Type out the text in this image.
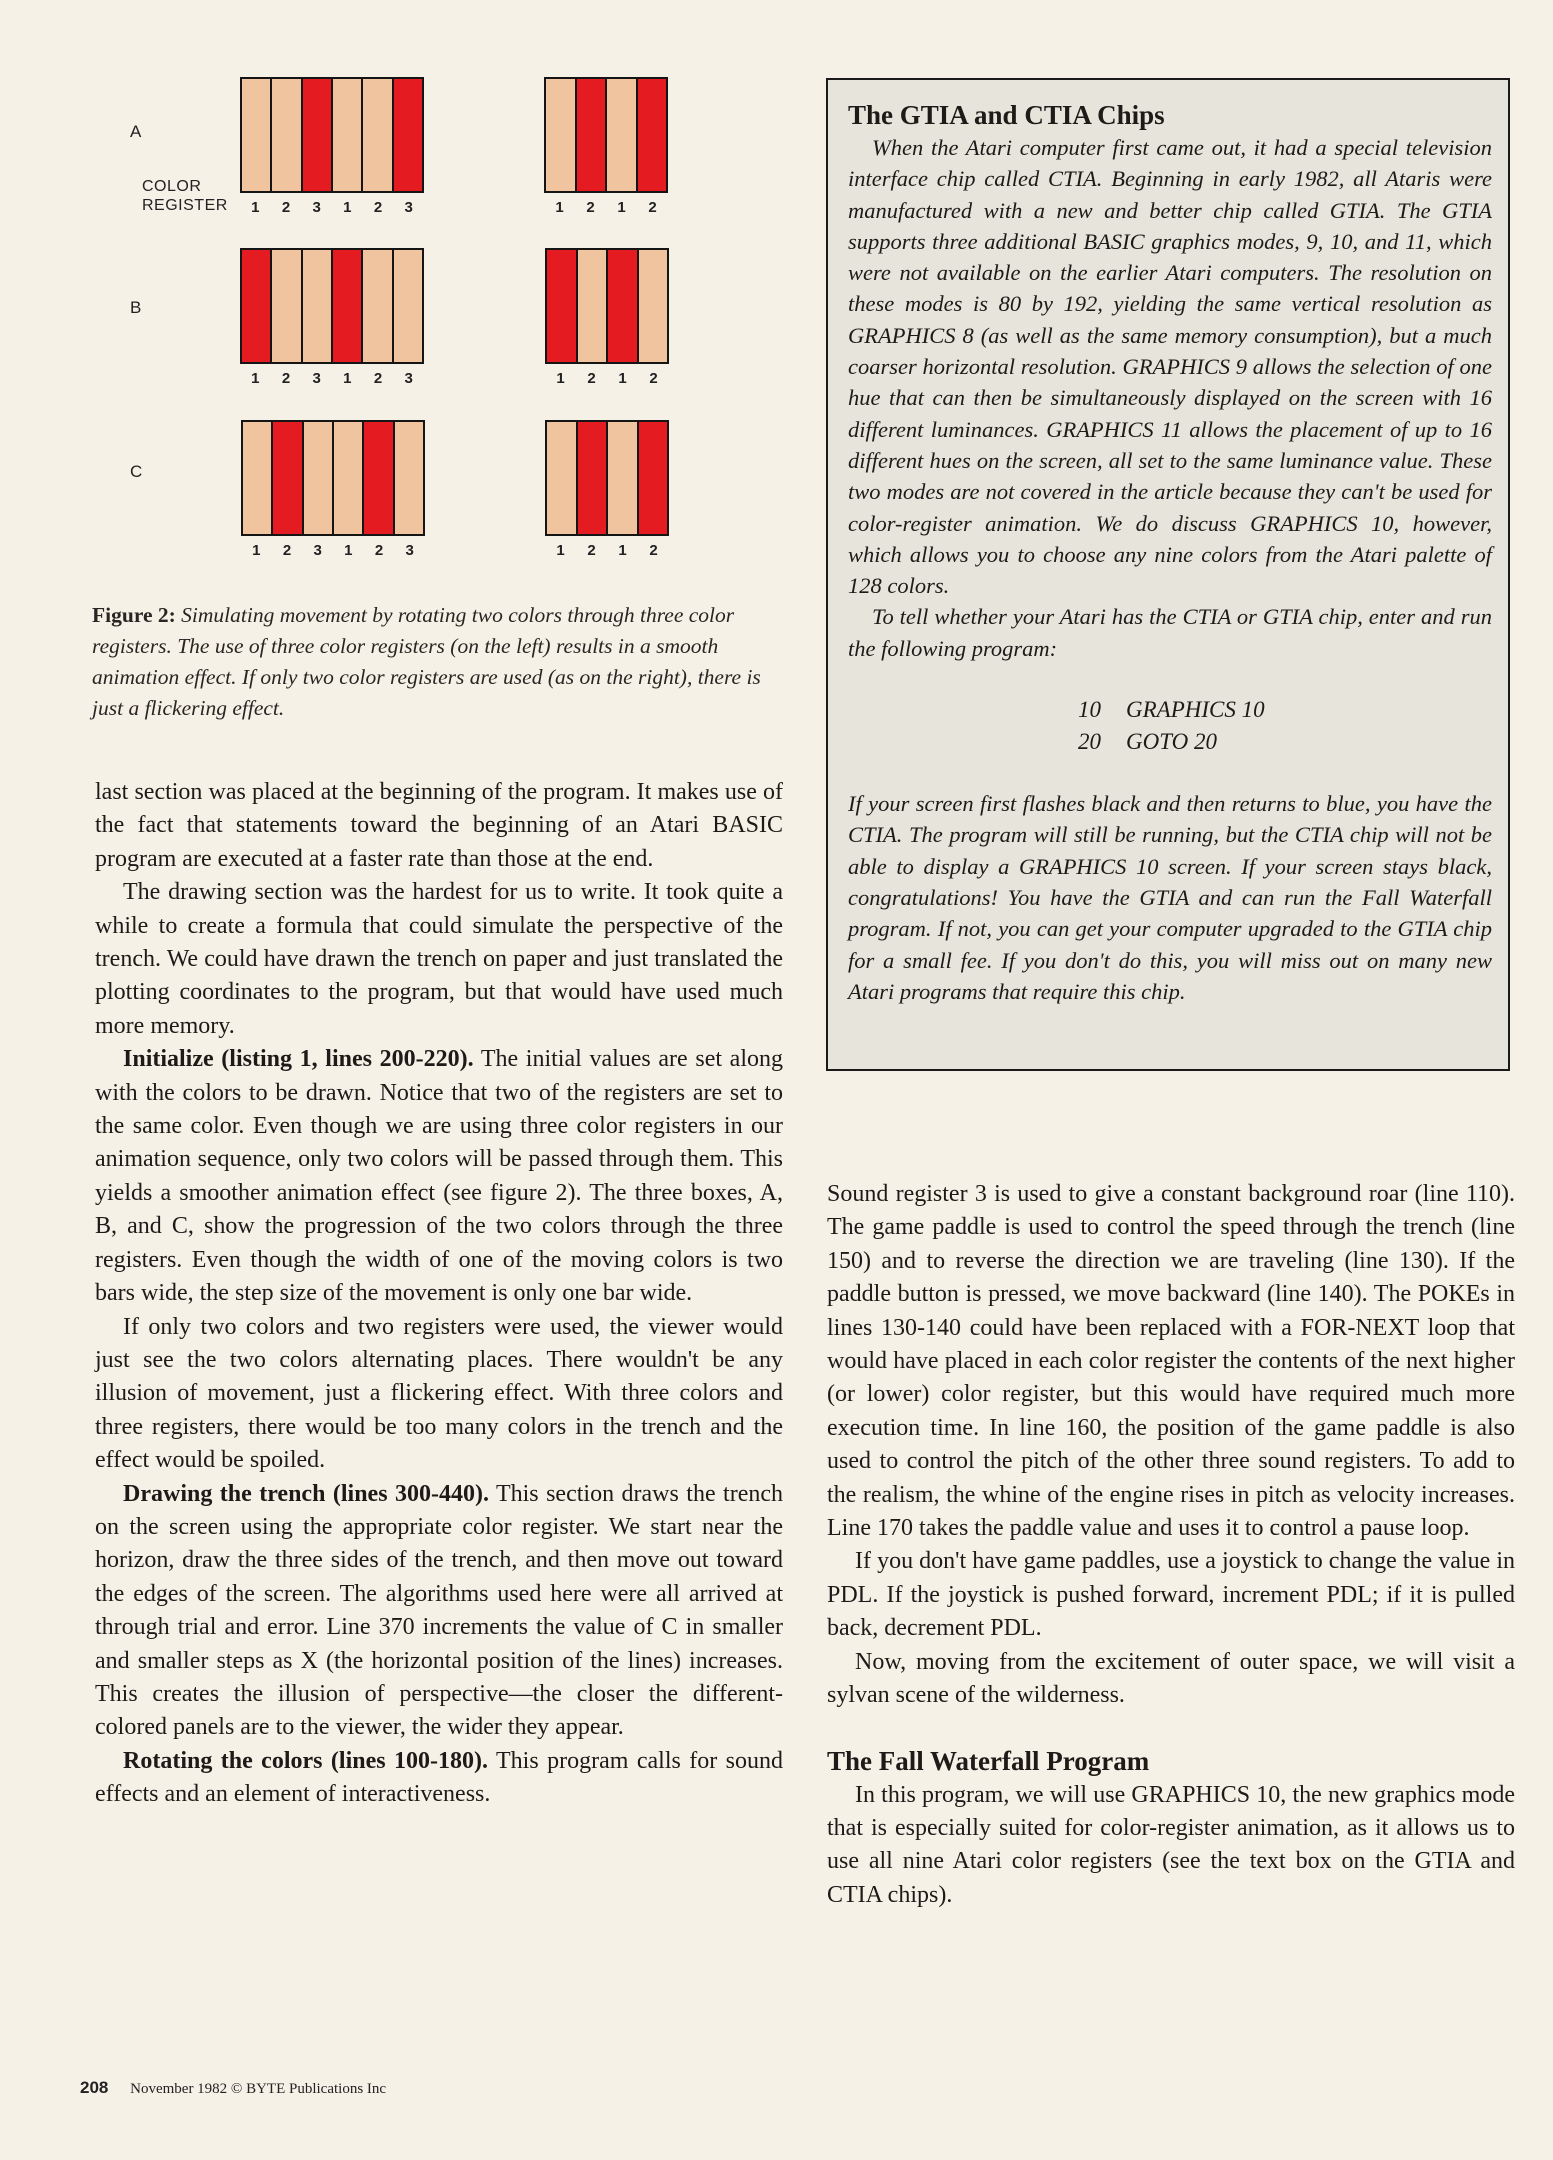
A
COLOR
REGISTER
B
C
1	2	3	1	2	3
1	2	3	1	2	3
1	2	3	1	2	3
1	2	1	2
1	2	1	2
1	2	1	2
Figure 2: Simulating movement by rotating two colors through three color registers. The use of three color registers (on the left) results in a smooth animation effect. If only two color registers are used (as on the right), there is just a flickering effect.

last section was placed at the beginning of the program. It makes use of the fact that statements toward the beginning of an Atari BASIC program are executed at a faster rate than those at the end.

The drawing section was the hardest for us to write. It took quite a while to create a formula that could simulate the perspective of the trench. We could have drawn the trench on paper and just translated the plotting coordinates to the program, but that would have used much more memory.

Initialize (listing 1, lines 200-220). The initial values are set along with the colors to be drawn. Notice that two of the registers are set to the same color. Even though we are using three color registers in our animation sequence, only two colors will be passed through them. This yields a smoother animation effect (see figure 2). The three boxes, A, B, and C, show the progression of the two colors through the three registers. Even though the width of one of the moving colors is two bars wide, the step size of the movement is only one bar wide.

If only two colors and two registers were used, the viewer would just see the two colors alternating places. There wouldn't be any illusion of movement, just a flickering effect. With three colors and three registers, there would be too many colors in the trench and the effect would be spoiled.

Drawing the trench (lines 300-440). This section draws the trench on the screen using the appropriate color register. We start near the horizon, draw the three sides of the trench, and then move out toward the edges of the screen. The algorithms used here were all arrived at through trial and error. Line 370 increments the value of C in smaller and smaller steps as X (the horizontal position of the lines) increases. This creates the illusion of perspective—the closer the different-colored panels are to the viewer, the wider they appear.

Rotating the colors (lines 100-180). This program calls for sound effects and an element of interactiveness.

The GTIA and CTIA Chips

When the Atari computer first came out, it had a special television interface chip called CTIA. Beginning in early 1982, all Ataris were manufactured with a new and better chip called GTIA. The GTIA supports three additional BASIC graphics modes, 9, 10, and 11, which were not available on the earlier Atari computers. The resolution on these modes is 80 by 192, yielding the same vertical resolution as GRAPHICS 8 (as well as the same memory consumption), but a much coarser horizontal resolution. GRAPHICS 9 allows the selection of one hue that can then be simultaneously displayed on the screen with 16 different luminances. GRAPHICS 11 allows the placement of up to 16 different hues on the screen, all set to the same luminance value. These two modes are not covered in the article because they can't be used for color-register animation. We do discuss GRAPHICS 10, however, which allows you to choose any nine colors from the Atari palette of 128 colors.

To tell whether your Atari has the CTIA or GTIA chip, enter and run the following program:

10 GRAPHICS 10
20 GOTO 20

If your screen first flashes black and then returns to blue, you have the CTIA. The program will still be running, but the CTIA chip will not be able to display a GRAPHICS 10 screen. If your screen stays black, congratulations! You have the GTIA and can run the Fall Waterfall program. If not, you can get your computer upgraded to the GTIA chip for a small fee. If you don't do this, you will miss out on many new Atari programs that require this chip.

Sound register 3 is used to give a constant background roar (line 110). The game paddle is used to control the speed through the trench (line 150) and to reverse the direction we are traveling (line 130). If the paddle button is pressed, we move backward (line 140). The POKEs in lines 130-140 could have been replaced with a FOR-NEXT loop that would have placed in each color register the contents of the next higher (or lower) color register, but this would have required much more execution time. In line 160, the position of the game paddle is also used to control the pitch of the other three sound registers. To add to the realism, the whine of the engine rises in pitch as velocity increases. Line 170 takes the paddle value and uses it to control a pause loop.

If you don't have game paddles, use a joystick to change the value in PDL. If the joystick is pushed forward, increment PDL; if it is pulled back, decrement PDL.

Now, moving from the excitement of outer space, we will visit a sylvan scene of the wilderness.

The Fall Waterfall Program

In this program, we will use GRAPHICS 10, the new graphics mode that is especially suited for color-register animation, as it allows us to use all nine Atari color registers (see the text box on the GTIA and CTIA chips).

208 November 1982 © BYTE Publications Inc
